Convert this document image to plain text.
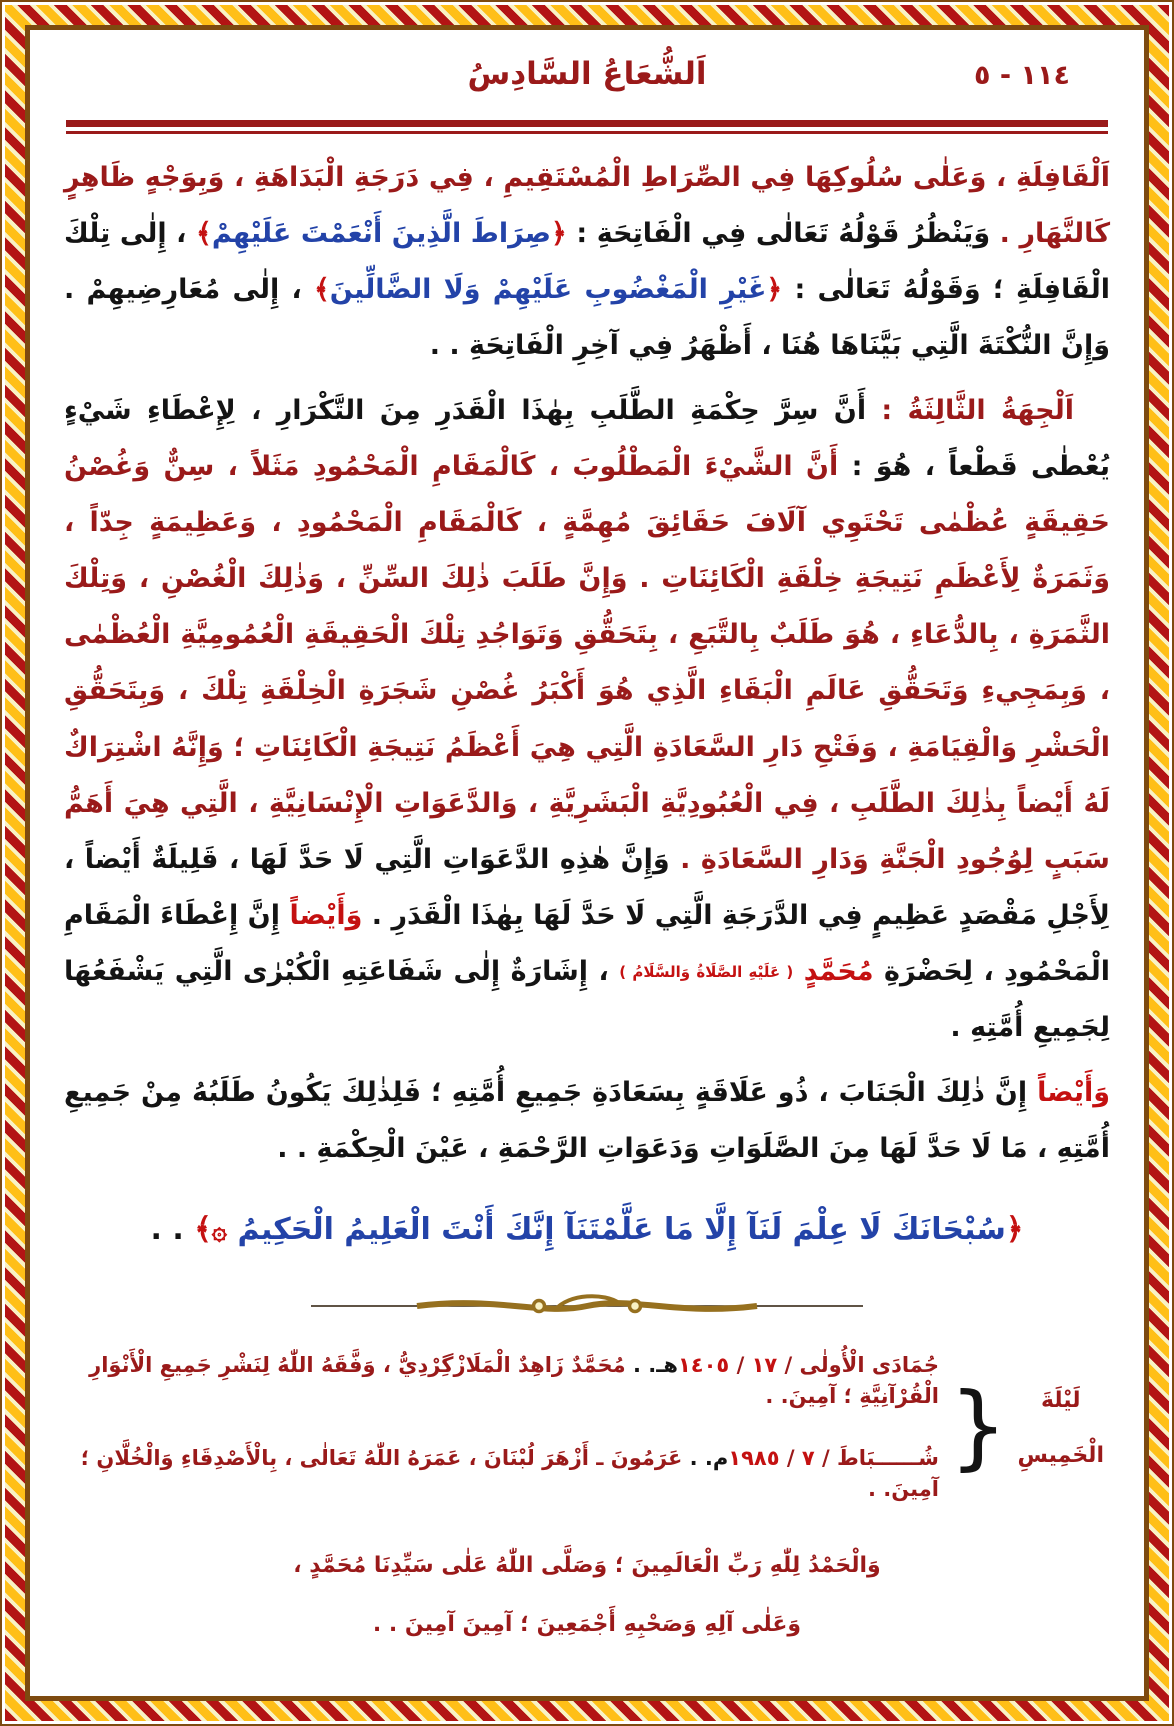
اَلشُّعَاعُ السَّادِسُ	١١٤ - ٥

اَلْقَافِلَةِ ، وَعَلٰى سُلُوكِهَا فِي الصِّرَاطِ الْمُسْتَقِيمِ ، فِي دَرَجَةِ الْبَدَاهَةِ ، وَبِوَجْهٍ ظَاهِرٍ كَالنَّهَارِ . وَيَنْظُرُ قَوْلُهُ تَعَالٰى فِي الْفَاتِحَةِ : ﴿صِرَاطَ الَّذِينَ أَنْعَمْتَ عَلَيْهِمْ﴾ ، إِلٰى تِلْكَ الْقَافِلَةِ ؛ وَقَوْلُهُ تَعَالٰى : ﴿غَيْرِ الْمَغْضُوبِ عَلَيْهِمْ وَلَا الضَّالِّينَ﴾ ، إِلٰى مُعَارِضِيهِمْ . وَإِنَّ النُّكْتَةَ الَّتِي بَيَّنَاهَا هُنَا ، أَظْهَرُ فِي آخِرِ الْفَاتِحَةِ . .

اَلْجِهَةُ الثَّالِثَةُ : أَنَّ سِرَّ حِكْمَةِ الطَّلَبِ بِهٰذَا الْقَدَرِ مِنَ التَّكْرَارِ ، لِإِعْطَاءِ شَيْءٍ يُعْطٰى قَطْعاً ، هُوَ : أَنَّ الشَّيْءَ الْمَطْلُوبَ ، كَالْمَقَامِ الْمَحْمُودِ مَثَلاً ، سِنٌّ وَغُصْنُ حَقِيقَةٍ عُظْمٰى تَحْتَوِي آلَافَ حَقَائِقَ مُهِمَّةٍ ، كَالْمَقَامِ الْمَحْمُودِ ، وَعَظِيمَةٍ جِدّاً ، وَثَمَرَةٌ لِأَعْظَمِ نَتِيجَةِ خِلْقَةِ الْكَائِنَاتِ . وَإِنَّ طَلَبَ ذٰلِكَ السِّنِّ ، وَذٰلِكَ الْغُصْنِ ، وَتِلْكَ الثَّمَرَةِ ، بِالدُّعَاءِ ، هُوَ طَلَبٌ بِالتَّبَعِ ، بِتَحَقُّقِ وَتَوَاجُدِ تِلْكَ الْحَقِيقَةِ الْعُمُومِيَّةِ الْعُظْمٰى ، وَبِمَجِيءِ وَتَحَقُّقِ عَالَمِ الْبَقَاءِ الَّذِي هُوَ أَكْبَرُ غُصْنِ شَجَرَةِ الْخِلْقَةِ تِلْكَ ، وَبِتَحَقُّقِ الْحَشْرِ وَالْقِيَامَةِ ، وَفَتْحِ دَارِ السَّعَادَةِ الَّتِي هِيَ أَعْظَمُ نَتِيجَةِ الْكَائِنَاتِ ؛ وَإِنَّهُ اشْتِرَاكٌ لَهُ أَيْضاً بِذٰلِكَ الطَّلَبِ ، فِي الْعُبُودِيَّةِ الْبَشَرِيَّةِ ، وَالدَّعَوَاتِ الْإِنْسَانِيَّةِ ، الَّتِي هِيَ أَهَمُّ سَبَبٍ لِوُجُودِ الْجَنَّةِ وَدَارِ السَّعَادَةِ . وَإِنَّ هٰذِهِ الدَّعَوَاتِ الَّتِي لَا حَدَّ لَهَا ، قَلِيلَةٌ أَيْضاً ، لِأَجْلِ مَقْصَدٍ عَظِيمٍ فِي الدَّرَجَةِ الَّتِي لَا حَدَّ لَهَا بِهٰذَا الْقَدَرِ . وَأَيْضاً إِنَّ إِعْطَاءَ الْمَقَامِ الْمَحْمُودِ ، لِحَضْرَةِ مُحَمَّدٍ ( عَلَيْهِ الصَّلَاةُ وَالسَّلَامُ ) ، إِشَارَةٌ إِلٰى شَفَاعَتِهِ الْكُبْرٰى الَّتِي يَشْفَعُهَا لِجَمِيعِ أُمَّتِهِ .

وَأَيْضاً إِنَّ ذٰلِكَ الْجَنَابَ ، ذُو عَلَاقَةٍ بِسَعَادَةِ جَمِيعِ أُمَّتِهِ ؛ فَلِذٰلِكَ يَكُونُ طَلَبُهُ مِنْ جَمِيعِ أُمَّتِهِ ، مَا لَا حَدَّ لَهَا مِنَ الصَّلَوَاتِ وَدَعَوَاتِ الرَّحْمَةِ ، عَيْنَ الْحِكْمَةِ . .

﴿سُبْحَانَكَ لَا عِلْمَ لَنَآ إِلَّا مَا عَلَّمْتَنَآ إِنَّكَ أَنْتَ الْعَلِيمُ الْحَكِيمُ ۞﴾ . .
لَيْلَةَ
الْخَمِيسِ
}
جُمَادَى الْأُولٰى / ١٧ / ١٤٠٥هـ. . مُحَمَّدٌ زَاهِدٌ الْمَلَازْگِرْدِيُّ ، وَفَّقَهُ اللّٰهُ لِنَشْرِ جَمِيعِ الْأَنْوَارِ الْقُرْآنِيَّةِ ؛ آمِينَ. .
شُــــــبَاطَ / ٧ / ١٩٨٥م. . عَرَمُونَ ـ أَزْهَرَ لُبْنَانَ ، عَمَرَهُ اللّٰهُ تَعَالٰى ، بِالْأَصْدِقَاءِ وَالْخُلَّانِ ؛ آمِينَ. .
وَالْحَمْدُ لِلّٰهِ رَبِّ الْعَالَمِينَ ؛ وَصَلَّى اللّٰهُ عَلٰى سَيِّدِنَا مُحَمَّدٍ ،
وَعَلٰى آلِهِ وَصَحْبِهِ أَجْمَعِينَ ؛ آمِينَ آمِينَ . .
